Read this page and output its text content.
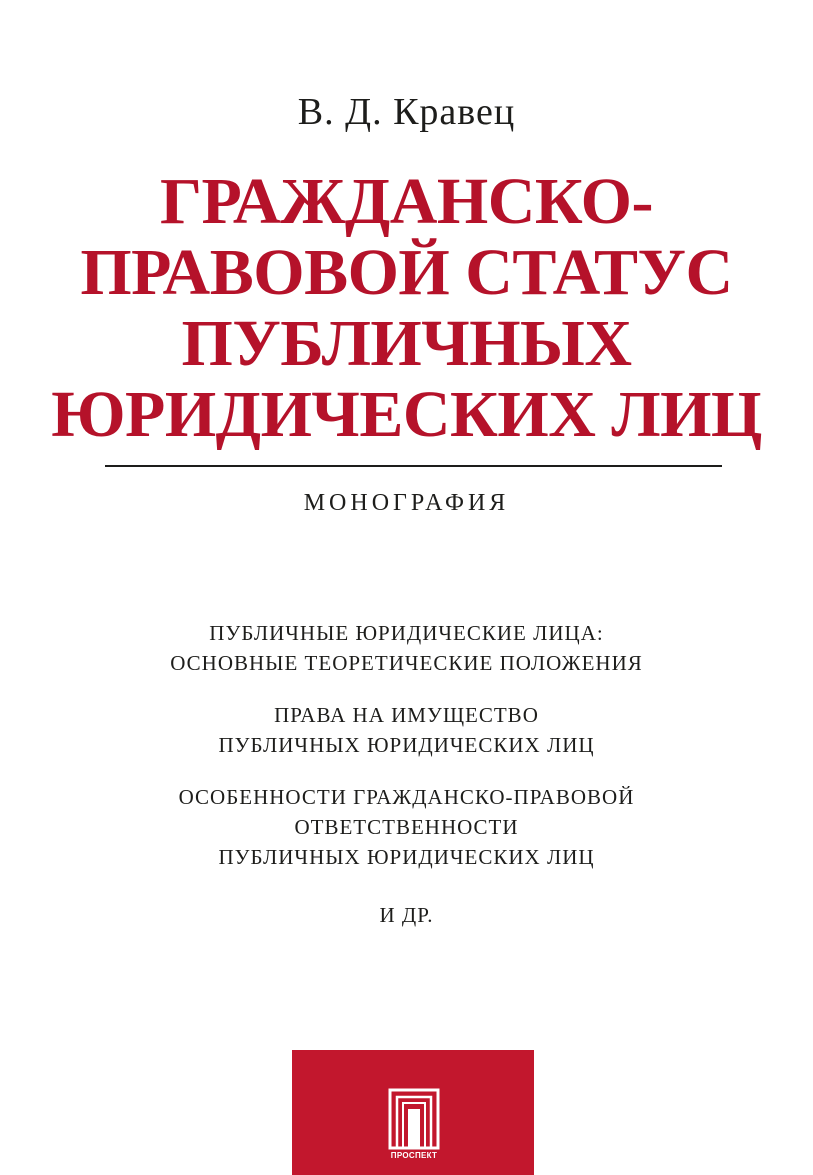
В. Д. Кравец
ГРАЖДАНСКО-
ПРАВОВОЙ СТАТУС
ПУБЛИЧНЫХ
ЮРИДИЧЕСКИХ ЛИЦ
МОНОГРАФИЯ
ПУБЛИЧНЫЕ ЮРИДИЧЕСКИЕ ЛИЦА:
ОСНОВНЫЕ ТЕОРЕТИЧЕСКИЕ ПОЛОЖЕНИЯ
ПРАВА НА ИМУЩЕСТВО
ПУБЛИЧНЫХ ЮРИДИЧЕСКИХ ЛИЦ
ОСОБЕННОСТИ ГРАЖДАНСКО-ПРАВОВОЙ
ОТВЕТСТВЕННОСТИ
ПУБЛИЧНЫХ ЮРИДИЧЕСКИХ ЛИЦ
И ДР.
ПРОСПЕКТ
